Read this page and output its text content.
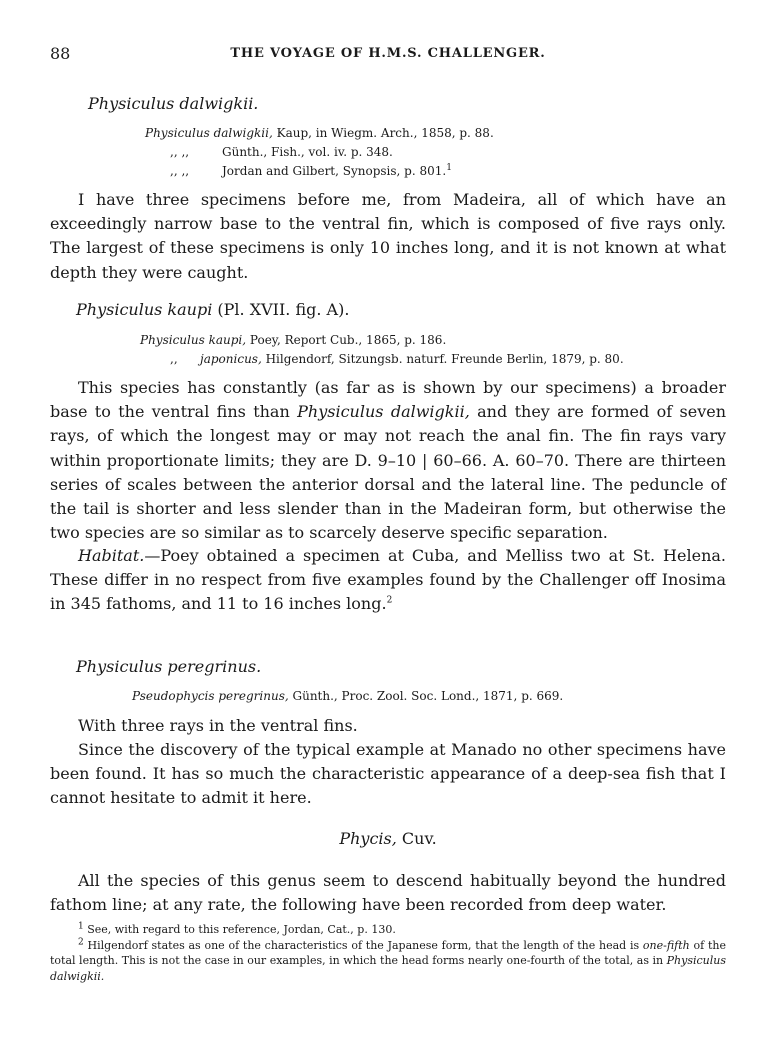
88	THE VOYAGE OF H.M.S. CHALLENGER.
Physiculus dalwigkii.
Physiculus dalwigkii, Kaup, in Wiegm. Arch., 1858, p. 88.
,, ,,	Günth., Fish., vol. iv. p. 348.
,, ,,	Jordan and Gilbert, Synopsis, p. 801.$^1$

I have three specimens before me, from Madeira, all of which have an exceedingly narrow base to the ventral fin, which is composed of five rays only. The largest of these specimens is only 10 inches long, and it is not known at what depth they were caught.

Physiculus kaupi (Pl. XVII. fig. A).
Physiculus kaupi, Poey, Report Cub., 1865, p. 186.
,, japonicus, Hilgendorf, Sitzungsb. naturf. Freunde Berlin, 1879, p. 80.

This species has constantly (as far as is shown by our specimens) a broader base to the ventral fins than Physiculus dalwigkii, and they are formed of seven rays, of which the longest may or may not reach the anal fin. The fin rays vary within proportionate limits; they are D. 9–10 | 60–66. A. 60–70. There are thirteen series of scales between the anterior dorsal and the lateral line. The peduncle of the tail is shorter and less slender than in the Madeiran form, but otherwise the two species are so similar as to scarcely deserve specific separation.

Habitat.—Poey obtained a specimen at Cuba, and Melliss two at St. Helena. These differ in no respect from five examples found by the Challenger off Inosima in 345 fathoms, and 11 to 16 inches long.$^2$

Physiculus peregrinus.
Pseudophycis peregrinus, Günth., Proc. Zool. Soc. Lond., 1871, p. 669.

With three rays in the ventral fins.

Since the discovery of the typical example at Manado no other specimens have been found. It has so much the characteristic appearance of a deep-sea fish that I cannot hesitate to admit it here.

Phycis, Cuv.

All the species of this genus seem to descend habitually beyond the hundred fathom line; at any rate, the following have been recorded from deep water.

$^1$ See, with regard to this reference, Jordan, Cat., p. 130.

$^2$ Hilgendorf states as one of the characteristics of the Japanese form, that the length of the head is one-fifth of the total length. This is not the case in our examples, in which the head forms nearly one-fourth of the total, as in Physiculus dalwigkii.
